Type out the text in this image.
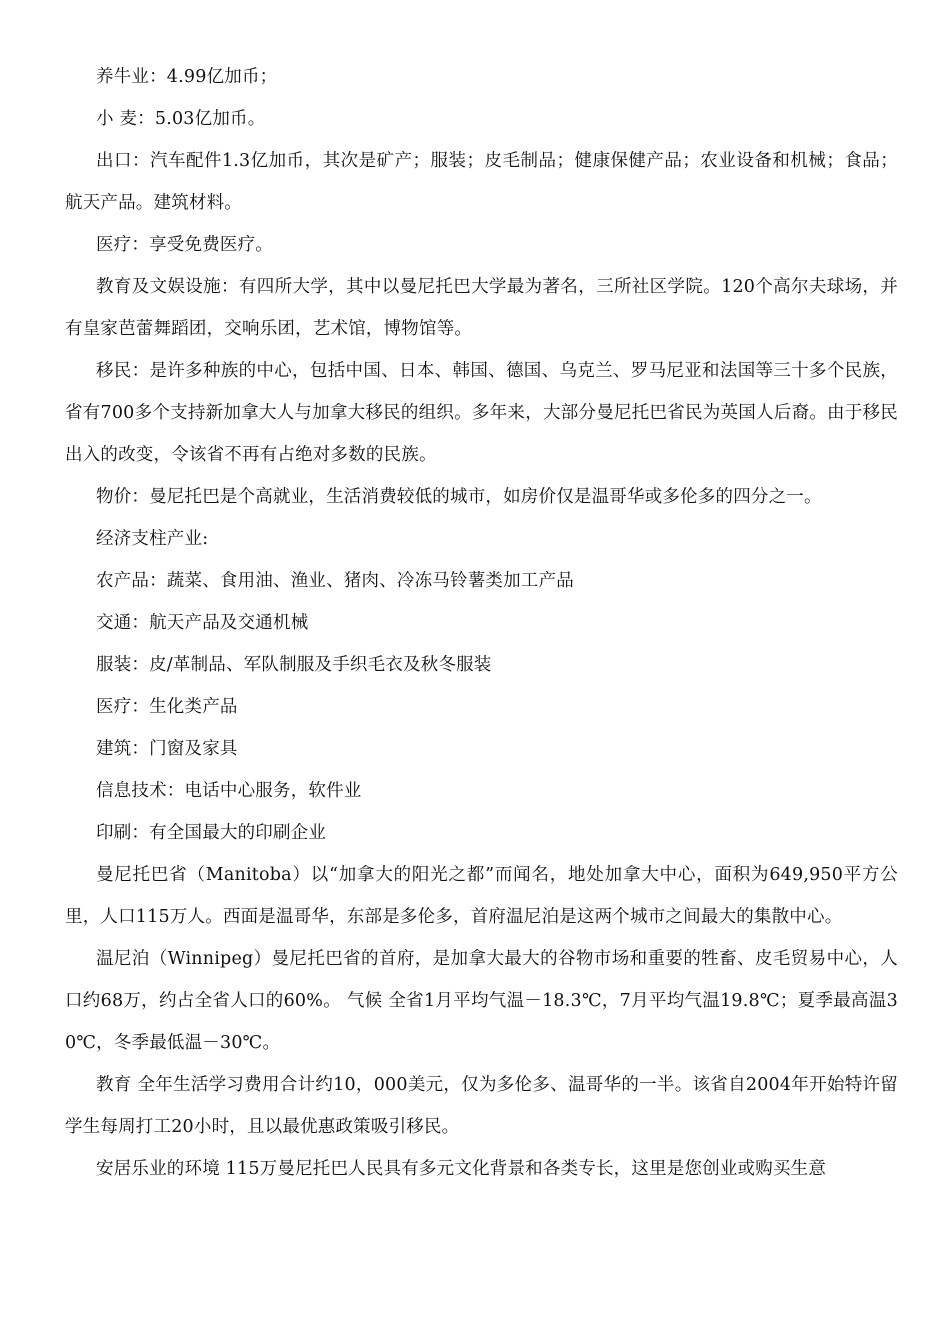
养牛业：4.99亿加币；

小 麦：5.03亿加币。

出口：汽车配件1.3亿加币，其次是矿产；服装；皮毛制品；健康保健产品；农业设备和机械；食品；航天产品。建筑材料。

医疗：享受免费医疗。

教育及文娱设施：有四所大学，其中以曼尼托巴大学最为著名，三所社区学院。120个高尔夫球场，并有皇家芭蕾舞蹈团，交响乐团，艺术馆，博物馆等。

移民：是许多种族的中心，包括中国、日本、韩国、德国、乌克兰、罗马尼亚和法国等三十多个民族，省有700多个支持新加拿大人与加拿大移民的组织。多年来，大部分曼尼托巴省民为英国人后裔。由于移民出入的改变，令该省不再有占绝对多数的民族。

物价：曼尼托巴是个高就业，生活消费较低的城市，如房价仅是温哥华或多伦多的四分之一。

经济支柱产业:

农产品：蔬菜、食用油、渔业、猪肉、冷冻马铃薯类加工产品

交通：航天产品及交通机械

服装：皮/革制品、军队制服及手织毛衣及秋冬服装

医疗：生化类产品

建筑：门窗及家具

信息技术：电话中心服务，软件业

印刷：有全国最大的印刷企业

曼尼托巴省（Manitoba）以“加拿大的阳光之都”而闻名，地处加拿大中心，面积为649,950平方公里，人口115万人。西面是温哥华，东部是多伦多，首府温尼泊是这两个城市之间最大的集散中心。

温尼泊（Winnipeg）曼尼托巴省的首府，是加拿大最大的谷物市场和重要的牲畜、皮毛贸易中心，人口约68万，约占全省人口的60%。 气候 全省1月平均气温－18.3℃，7月平均气温19.8℃；夏季最高温30℃，冬季最低温－30℃。

教育 全年生活学习费用合计约10，000美元，仅为多伦多、温哥华的一半。该省自2004年开始特许留学生每周打工20小时，且以最优惠政策吸引移民。

安居乐业的环境 115万曼尼托巴人民具有多元文化背景和各类专长，这里是您创业或购买生意
